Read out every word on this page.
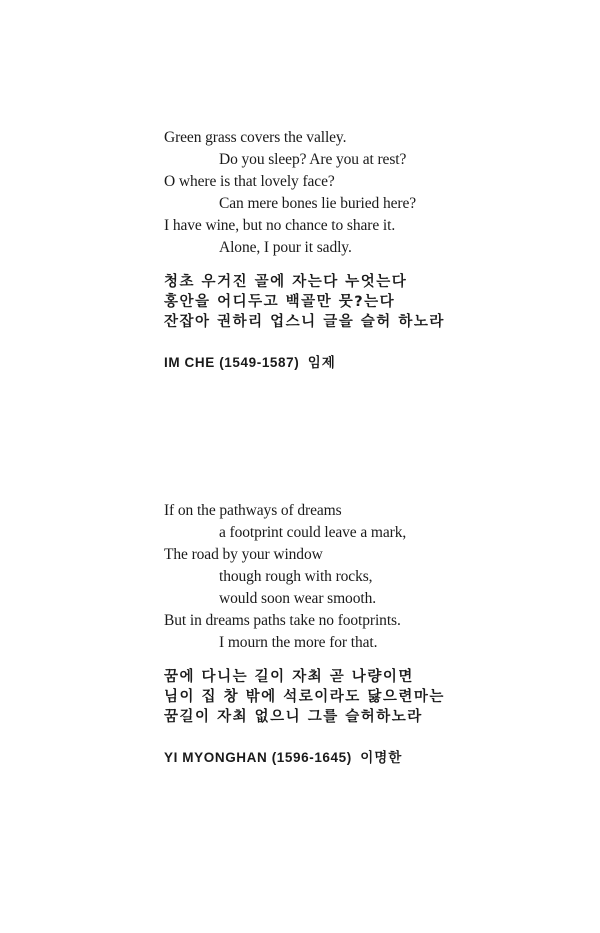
Green grass covers the valley.
Do you sleep? Are you at rest?
O where is that lovely face?
Can mere bones lie buried here?
I have wine, but no chance to share it.
Alone, I pour it sadly.
청초 우거진 골에 자는다 누엇는다
홍안을 어디두고 백골만 뭇?는다
잔잡아 권하리 업스니 글을 슬허 하노라
IM CHE (1549-1587) 임제
If on the pathways of dreams
a footprint could leave a mark,
The road by your window
though rough with rocks,
would soon wear smooth.
But in dreams paths take no footprints.
I mourn the more for that.
꿈에 다니는 길이 자최 곧 나량이면
님이 집 창 밖에 석로이라도 닳으련마는
꿈길이 자최 없으니 그를 슬허하노라
YI MYONGHAN (1596-1645) 이명한
